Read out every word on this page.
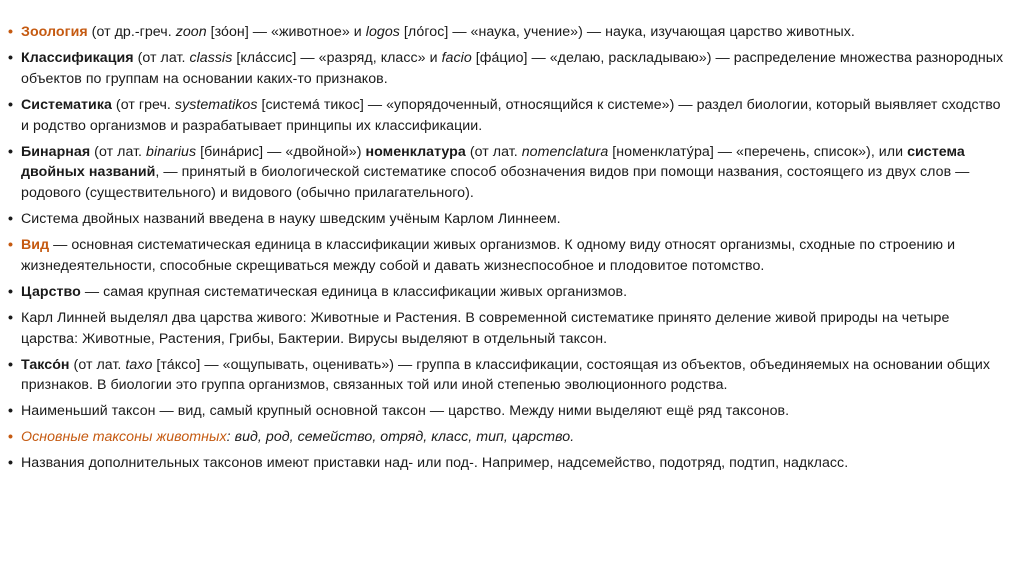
• Зоология (от др.-греч. zoon [зо́он] — «животное» и logos [ло́гос] — «наука, учение») — наука, изучающая царство животных.
• Классификация (от лат. classis [кла́ссис] — «разряд, класс» и facio [фа́цио] — «делаю, раскладываю») — распределение множества разнородных объектов по группам на основании каких-то признаков.
• Систематика (от греч. systematikos [системá тикос] — «упорядоченный, относящийся к системе») — раздел биологии, который выявляет сходство и родство организмов и разрабатывает принципы их классификации.
• Бинарная (от лат. binarius [бина́рис] — «двойной») номенклатура (от лат. nomenclatura [номенклату́ра] — «перечень, список»), или система двойных названий, — принятый в биологической систематике способ обозначения видов при помощи названия, состоящего из двух слов — родового (существительного) и видового (обычно прилагательного).
• Система двойных названий введена в науку шведским учёным Карлом Линнеем.
• Вид — основная систематическая единица в классификации живых организмов. К одному виду относят организмы, сходные по строению и жизнедеятельности, способные скрещиваться между собой и давать жизнеспособное и плодовитое потомство.
• Царство — самая крупная систематическая единица в классификации живых организмов.
• Карл Линней выделял два царства живого: Животные и Растения. В современной систематике принято деление живой природы на четыре царства: Животные, Растения, Грибы, Бактерии. Вирусы выделяют в отдельный таксон.
• Таксо́н (от лат. taxo [та́ксо] — «ощупывать, оценивать») — группа в классификации, состоящая из объектов, объединяемых на основании общих признаков. В биологии это группа организмов, связанных той или иной степенью эволюционного родства.
• Наименьший таксон — вид, самый крупный основной таксон — царство. Между ними выделяют ещё ряд таксонов.
• Основные таксоны животных: вид, род, семейство, отряд, класс, тип, царство.
• Названия дополнительных таксонов имеют приставки над- или под-. Например, надсемейство, подотряд, подтип, надкласс.
